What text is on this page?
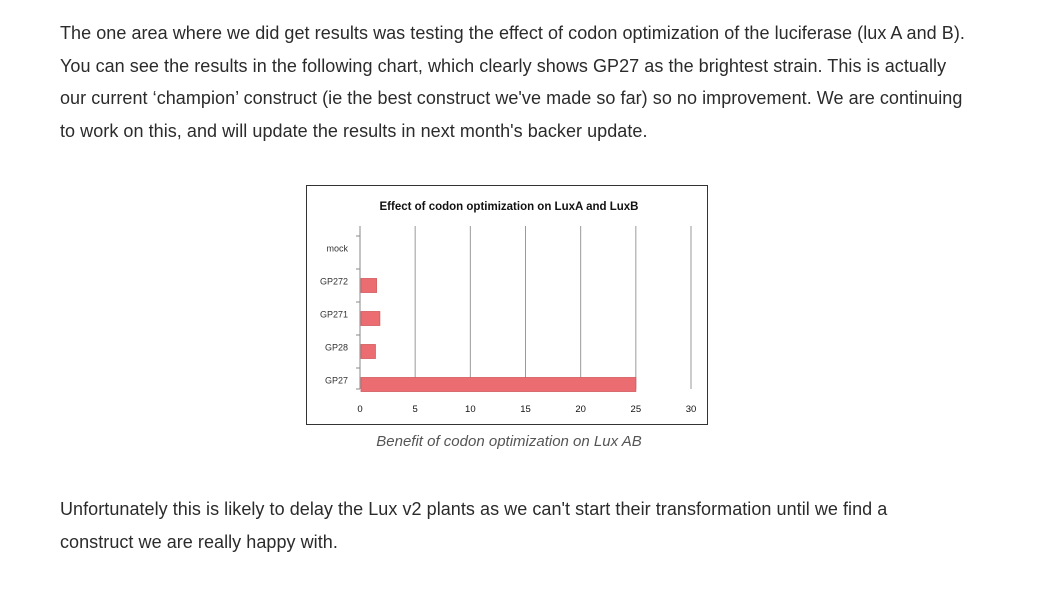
The one area where we did get results was testing the effect of codon optimization of the luciferase (lux A and B). You can see the results in the following chart, which clearly shows GP27 as the brightest strain. This is actually our current ‘champion’ construct (ie the best construct we've made so far) so no improvement. We are continuing to work on this, and will update the results in next month's backer update.

Effect of codon optimization on LuxA and LuxB
0	5	10	15	20	25	30
mock
GP272
GP271
GP28
GP27
Benefit of codon optimization on Lux AB

Unfortunately this is likely to delay the Lux v2 plants as we can't start their transformation until we find a construct we are really happy with.
